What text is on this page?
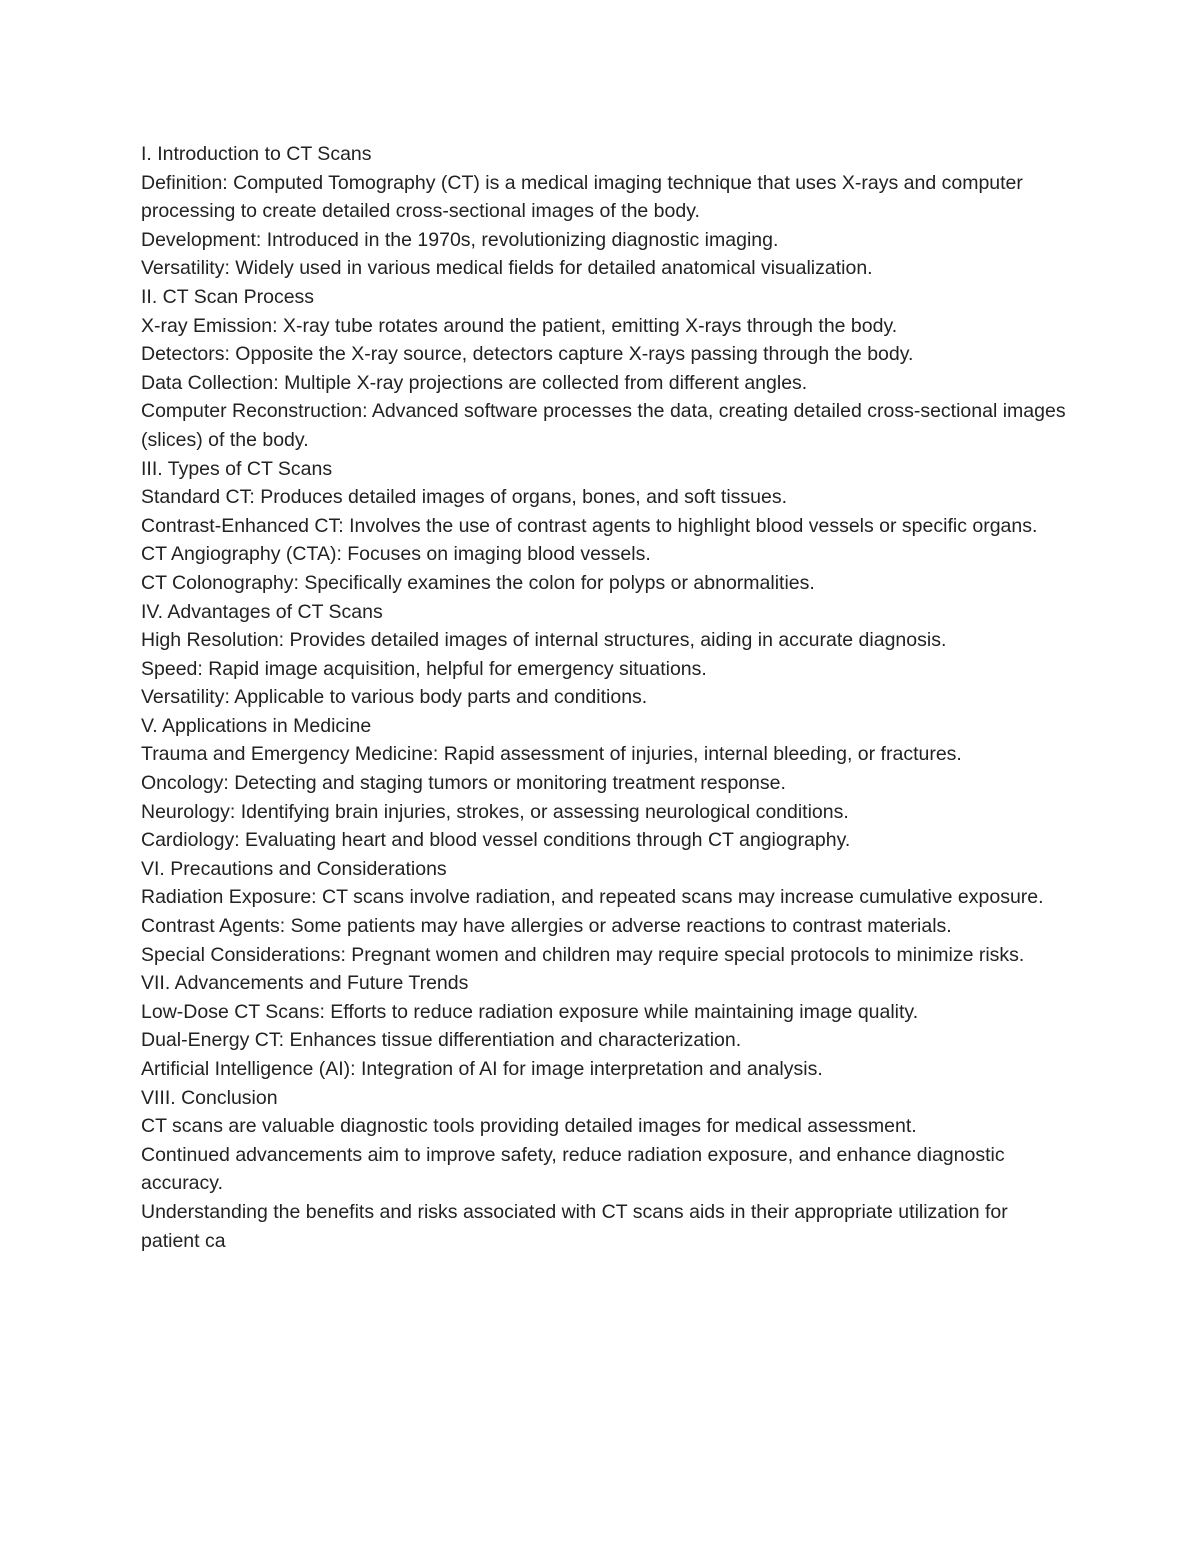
I. Introduction to CT Scans

Definition: Computed Tomography (CT) is a medical imaging technique that uses X-rays and computer processing to create detailed cross-sectional images of the body.

Development: Introduced in the 1970s, revolutionizing diagnostic imaging.

Versatility: Widely used in various medical fields for detailed anatomical visualization.

II. CT Scan Process

X-ray Emission: X-ray tube rotates around the patient, emitting X-rays through the body.

Detectors: Opposite the X-ray source, detectors capture X-rays passing through the body.

Data Collection: Multiple X-ray projections are collected from different angles.

Computer Reconstruction: Advanced software processes the data, creating detailed cross-sectional images (slices) of the body.

III. Types of CT Scans

Standard CT: Produces detailed images of organs, bones, and soft tissues.

Contrast-Enhanced CT: Involves the use of contrast agents to highlight blood vessels or specific organs.

CT Angiography (CTA): Focuses on imaging blood vessels.

CT Colonography: Specifically examines the colon for polyps or abnormalities.

IV. Advantages of CT Scans

High Resolution: Provides detailed images of internal structures, aiding in accurate diagnosis.

Speed: Rapid image acquisition, helpful for emergency situations.

Versatility: Applicable to various body parts and conditions.

V. Applications in Medicine

Trauma and Emergency Medicine: Rapid assessment of injuries, internal bleeding, or fractures.

Oncology: Detecting and staging tumors or monitoring treatment response.

Neurology: Identifying brain injuries, strokes, or assessing neurological conditions.

Cardiology: Evaluating heart and blood vessel conditions through CT angiography.

VI. Precautions and Considerations

Radiation Exposure: CT scans involve radiation, and repeated scans may increase cumulative exposure.

Contrast Agents: Some patients may have allergies or adverse reactions to contrast materials.

Special Considerations: Pregnant women and children may require special protocols to minimize risks.

VII. Advancements and Future Trends

Low-Dose CT Scans: Efforts to reduce radiation exposure while maintaining image quality.

Dual-Energy CT: Enhances tissue differentiation and characterization.

Artificial Intelligence (AI): Integration of AI for image interpretation and analysis.

VIII. Conclusion

CT scans are valuable diagnostic tools providing detailed images for medical assessment.

Continued advancements aim to improve safety, reduce radiation exposure, and enhance diagnostic accuracy.

Understanding the benefits and risks associated with CT scans aids in their appropriate utilization for patient ca
